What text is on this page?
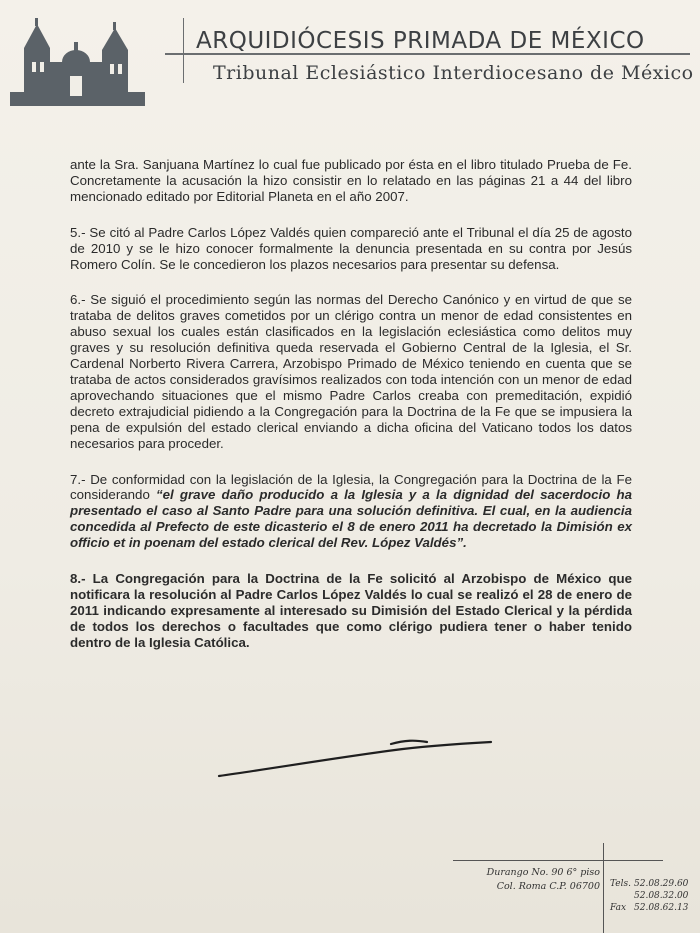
ARQUIDIÓCESIS PRIMADA DE MÉXICO
Tribunal Eclesiástico Interdiocesano de México

ante la Sra. Sanjuana Martínez lo cual fue publicado por ésta en el libro titulado Prueba de Fe. Concretamente la acusación la hizo consistir en lo relatado en las páginas 21 a 44 del libro mencionado editado por Editorial Planeta en el año 2007.

5.- Se citó al Padre Carlos López Valdés quien compareció ante el Tribunal el día 25 de agosto de 2010 y se le hizo conocer formalmente la denuncia presentada en su contra por Jesús Romero Colín. Se le concedieron los plazos necesarios para presentar su defensa.

6.- Se siguió el procedimiento según las normas del Derecho Canónico y en virtud de que se trataba de delitos graves cometidos por un clérigo contra un menor de edad consistentes en abuso sexual los cuales están clasificados en la legislación eclesiástica como delitos muy graves y su resolución definitiva queda reservada el Gobierno Central de la Iglesia, el Sr. Cardenal Norberto Rivera Carrera, Arzobispo Primado de México teniendo en cuenta que se trataba de actos considerados gravísimos realizados con toda intención con un menor de edad aprovechando situaciones que el mismo Padre Carlos creaba con premeditación, expidió decreto extrajudicial pidiendo a la Congregación para la Doctrina de la Fe que se impusiera la pena de expulsión del estado clerical enviando a dicha oficina del Vaticano todos los datos necesarios para proceder.

7.- De conformidad con la legislación de la Iglesia, la Congregación para la Doctrina de la Fe considerando “el grave daño producido a la Iglesia y a la dignidad del sacerdocio ha presentado el caso al Santo Padre para una solución definitiva. El cual, en la audiencia concedida al Prefecto de este dicasterio el 8 de enero 2011 ha decretado la Dimisión ex officio et in poenam del estado clerical del Rev. López Valdés”.

8.- La Congregación para la Doctrina de la Fe solicitó al Arzobispo de México que notificara la resolución al Padre Carlos López Valdés lo cual se realizó el 28 de enero de 2011 indicando expresamente al interesado su Dimisión del Estado Clerical y la pérdida de todos los derechos o facultades que como clérigo pudiera tener o haber tenido dentro de la Iglesia Católica.

Durango No. 90 6° piso
Col. Roma C.P. 06700 Tels. 52.08.29.60
52.08.32.00
Fax 52.08.62.13
